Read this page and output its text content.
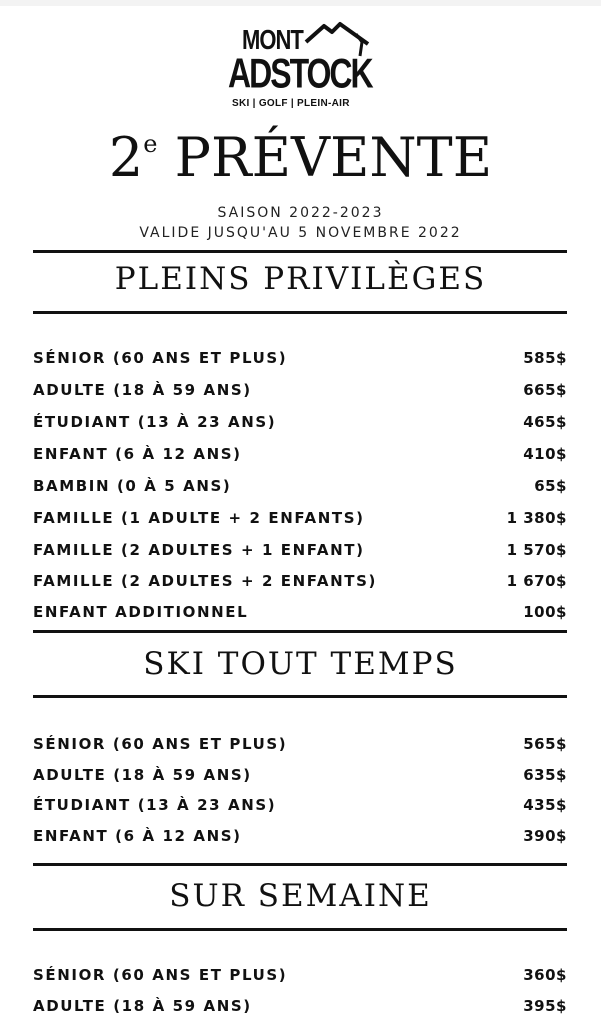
MONT
ADSTOCK
SKI | GOLF | PLEIN-AIR
2e PRÉVENTE
SAISON 2022-2023
VALIDE JUSQU'AU 5 NOVEMBRE 2022
PLEINS PRIVILÈGES
SÉNIOR (60 ANS ET PLUS)	585$
ADULTE (18 À 59 ANS)	665$
ÉTUDIANT (13 À 23 ANS)	465$
ENFANT (6 À 12 ANS)	410$
BAMBIN (0 À 5 ANS)	65$
FAMILLE (1 ADULTE + 2 ENFANTS)	1 380$
FAMILLE (2 ADULTES + 1 ENFANT)	1 570$
FAMILLE (2 ADULTES + 2 ENFANTS)	1 670$
ENFANT ADDITIONNEL	100$
SKI TOUT TEMPS
SÉNIOR (60 ANS ET PLUS)	565$
ADULTE (18 À 59 ANS)	635$
ÉTUDIANT (13 À 23 ANS)	435$
ENFANT (6 À 12 ANS)	390$
SUR SEMAINE
SÉNIOR (60 ANS ET PLUS)	360$
ADULTE (18 À 59 ANS)	395$
